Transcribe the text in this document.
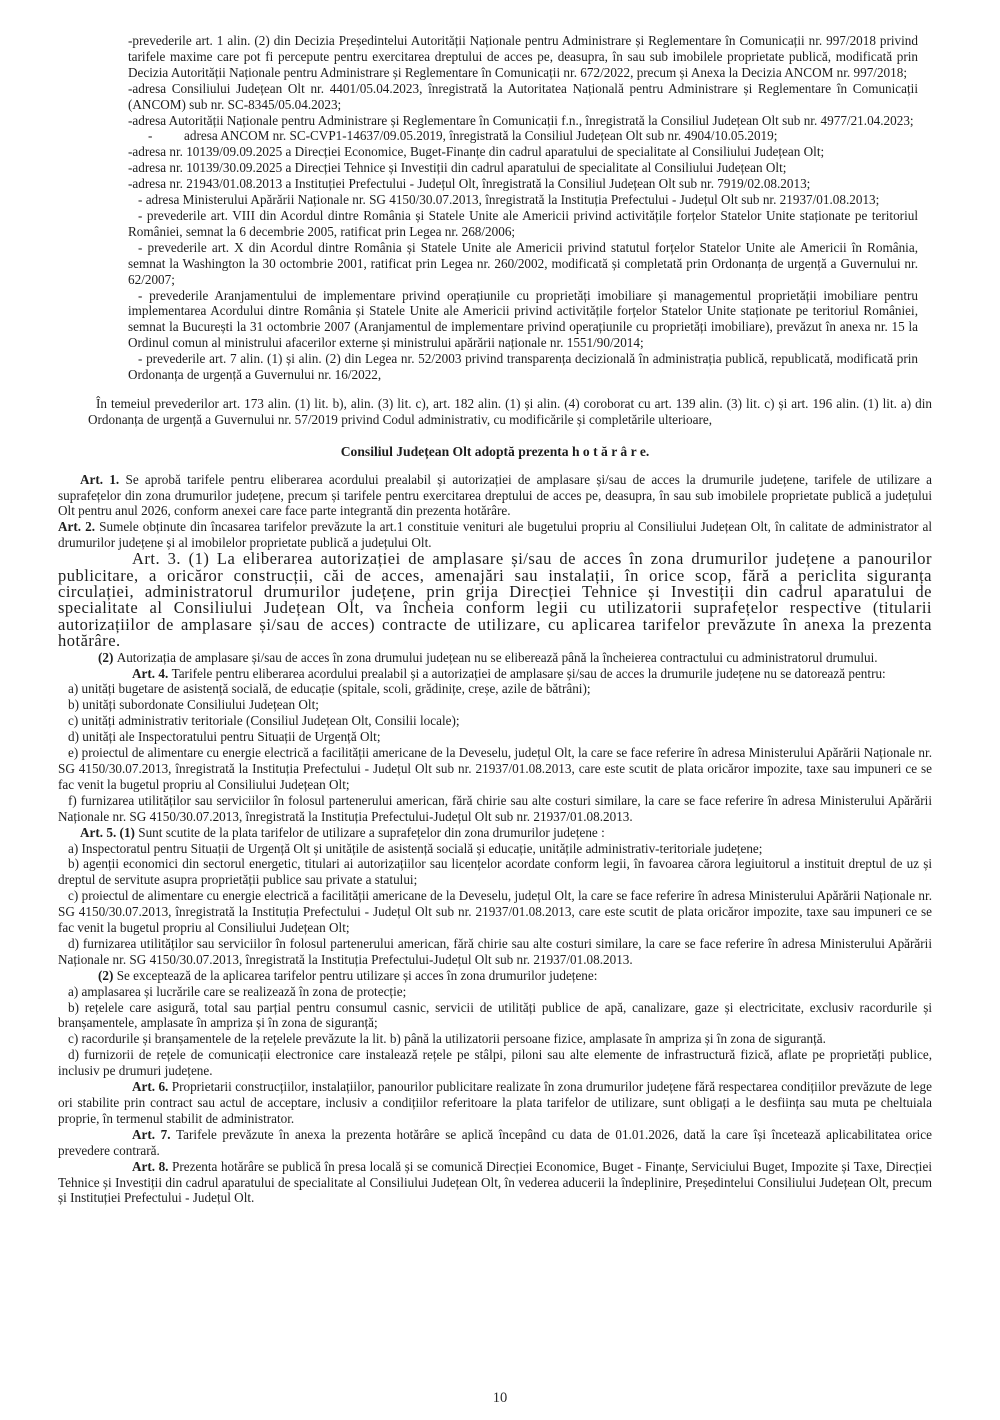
-prevederile art. 1 alin. (2) din Decizia Președintelui Autorității Naționale pentru Administrare și Reglementare în Comunicații nr. 997/2018 privind tarifele maxime care pot fi percepute pentru exercitarea dreptului de acces pe, deasupra, în sau sub imobilele proprietate publică, modificată prin Decizia Autorității Naționale pentru Administrare și Reglementare în Comunicații nr. 672/2022, precum și Anexa la Decizia ANCOM nr. 997/2018;

-adresa Consiliului Județean Olt nr. 4401/05.04.2023, înregistrată la Autoritatea Națională pentru Administrare și Reglementare în Comunicații (ANCOM) sub nr. SC-8345/05.04.2023;

-adresa Autorității Naționale pentru Administrare și Reglementare în Comunicații f.n., înregistrată la Consiliul Județean Olt sub nr. 4977/21.04.2023;

- adresa ANCOM nr. SC-CVP1-14637/09.05.2019, înregistrată la Consiliul Județean Olt sub nr. 4904/10.05.2019;

-adresa nr. 10139/09.09.2025 a Direcției Economice, Buget-Finanțe din cadrul aparatului de specialitate al Consiliului Județean Olt;

-adresa nr. 10139/30.09.2025 a Direcției Tehnice și Investiții din cadrul aparatului de specialitate al Consiliului Județean Olt;

-adresa nr. 21943/01.08.2013 a Instituției Prefectului - Județul Olt, înregistrată la Consiliul Județean Olt sub nr. 7919/02.08.2013;

- adresa Ministerului Apărării Naționale nr. SG 4150/30.07.2013, înregistrată la Instituția Prefectului - Județul Olt sub nr. 21937/01.08.2013;

- prevederile art. VIII din Acordul dintre România și Statele Unite ale Americii privind activitățile forțelor Statelor Unite staționate pe teritoriul României, semnat la 6 decembrie 2005, ratificat prin Legea nr. 268/2006;

- prevederile art. X din Acordul dintre România și Statele Unite ale Americii privind statutul forțelor Statelor Unite ale Americii în România, semnat la Washington la 30 octombrie 2001, ratificat prin Legea nr. 260/2002, modificată și completată prin Ordonanța de urgență a Guvernului nr. 62/2007;

- prevederile Aranjamentului de implementare privind operațiunile cu proprietăți imobiliare și managementul proprietății imobiliare pentru implementarea Acordului dintre România și Statele Unite ale Americii privind activitățile forțelor Statelor Unite staționate pe teritoriul României, semnat la București la 31 octombrie 2007 (Aranjamentul de implementare privind operațiunile cu proprietăți imobiliare), prevăzut în anexa nr. 15 la Ordinul comun al ministrului afacerilor externe și ministrului apărării naționale nr. 1551/90/2014;

- prevederile art. 7 alin. (1) și alin. (2) din Legea nr. 52/2003 privind transparența decizională în administrația publică, republicată, modificată prin Ordonanța de urgență a Guvernului nr. 16/2022,

În temeiul prevederilor art. 173 alin. (1) lit. b), alin. (3) lit. c), art. 182 alin. (1) și alin. (4) coroborat cu art. 139 alin. (3) lit. c) și art. 196 alin. (1) lit. a) din Ordonanța de urgență a Guvernului nr. 57/2019 privind Codul administrativ, cu modificările și completările ulterioare,

Consiliul Județean Olt adoptă prezenta h o t ă r â r e.

Art. 1. Se aprobă tarifele pentru eliberarea acordului prealabil și autorizației de amplasare și/sau de acces la drumurile județene, tarifele de utilizare a suprafețelor din zona drumurilor județene, precum și tarifele pentru exercitarea dreptului de acces pe, deasupra, în sau sub imobilele proprietate publică a județului Olt pentru anul 2026, conform anexei care face parte integrantă din prezenta hotărâre.

Art. 2. Sumele obținute din încasarea tarifelor prevăzute la art.1 constituie venituri ale bugetului propriu al Consiliului Județean Olt, în calitate de administrator al drumurilor județene și al imobilelor proprietate publică a județului Olt.

Art. 3. (1) La eliberarea autorizației de amplasare și/sau de acces în zona drumurilor județene a panourilor publicitare, a oricăror construcții, căi de acces, amenajări sau instalații, în orice scop, fără a periclita siguranța circulației, administratorul drumurilor județene, prin grija Direcției Tehnice și Investiții din cadrul aparatului de specialitate al Consiliului Județean Olt, va încheia conform legii cu utilizatorii suprafețelor respective (titularii autorizațiilor de amplasare și/sau de acces) contracte de utilizare, cu aplicarea tarifelor prevăzute în anexa la prezenta hotărâre.

(2) Autorizația de amplasare și/sau de acces în zona drumului județean nu se eliberează până la încheierea contractului cu administratorul drumului.

Art. 4. Tarifele pentru eliberarea acordului prealabil și a autorizației de amplasare și/sau de acces la drumurile județene nu se datorează pentru:

a) unități bugetare de asistență socială, de educație (spitale, scoli, grădinițe, creșe, azile de bătrâni);

b) unități subordonate Consiliului Județean Olt;

c) unități administrativ teritoriale (Consiliul Județean Olt, Consilii locale);

d) unități ale Inspectoratului pentru Situații de Urgență Olt;

e) proiectul de alimentare cu energie electrică a facilității americane de la Deveselu, județul Olt, la care se face referire în adresa Ministerului Apărării Naționale nr. SG 4150/30.07.2013, înregistrată la Instituția Prefectului - Județul Olt sub nr. 21937/01.08.2013, care este scutit de plata oricăror impozite, taxe sau impuneri ce se fac venit la bugetul propriu al Consiliului Județean Olt;

f) furnizarea utilităților sau serviciilor în folosul partenerului american, fără chirie sau alte costuri similare, la care se face referire în adresa Ministerului Apărării Naționale nr. SG 4150/30.07.2013, înregistrată la Instituția Prefectului-Județul Olt sub nr. 21937/01.08.2013.

Art. 5. (1) Sunt scutite de la plata tarifelor de utilizare a suprafețelor din zona drumurilor județene :

a) Inspectoratul pentru Situații de Urgență Olt și unitățile de asistență socială și educație, unitățile administrativ-teritoriale județene;

b) agenții economici din sectorul energetic, titulari ai autorizațiilor sau licențelor acordate conform legii, în favoarea cărora legiuitorul a instituit dreptul de uz și dreptul de servitute asupra proprietății publice sau private a statului;

c) proiectul de alimentare cu energie electrică a facilității americane de la Deveselu, județul Olt, la care se face referire în adresa Ministerului Apărării Naționale nr. SG 4150/30.07.2013, înregistrată la Instituția Prefectului - Județul Olt sub nr. 21937/01.08.2013, care este scutit de plata oricăror impozite, taxe sau impuneri ce se fac venit la bugetul propriu al Consiliului Județean Olt;

d) furnizarea utilităților sau serviciilor în folosul partenerului american, fără chirie sau alte costuri similare, la care se face referire în adresa Ministerului Apărării Naționale nr. SG 4150/30.07.2013, înregistrată la Instituția Prefectului-Județul Olt sub nr. 21937/01.08.2013.

(2) Se exceptează de la aplicarea tarifelor pentru utilizare și acces în zona drumurilor județene:

a) amplasarea și lucrările care se realizează în zona de protecție;

b) rețelele care asigură, total sau parțial pentru consumul casnic, servicii de utilități publice de apă, canalizare, gaze și electricitate, exclusiv racordurile și branșamentele, amplasate în ampriza și în zona de siguranță;

c) racordurile și branșamentele de la rețelele prevăzute la lit. b) până la utilizatorii persoane fizice, amplasate în ampriza și în zona de siguranță.

d) furnizorii de rețele de comunicații electronice care instalează rețele pe stâlpi, piloni sau alte elemente de infrastructură fizică, aflate pe proprietăți publice, inclusiv pe drumuri județene.

Art. 6. Proprietarii construcțiilor, instalațiilor, panourilor publicitare realizate în zona drumurilor județene fără respectarea condițiilor prevăzute de lege ori stabilite prin contract sau actul de acceptare, inclusiv a condițiilor referitoare la plata tarifelor de utilizare, sunt obligați a le desființa sau muta pe cheltuiala proprie, în termenul stabilit de administrator.

Art. 7. Tarifele prevăzute în anexa la prezenta hotărâre se aplică începând cu data de 01.01.2026, dată la care își încetează aplicabilitatea orice prevedere contrară.

Art. 8. Prezenta hotărâre se publică în presa locală și se comunică Direcției Economice, Buget - Finanțe, Serviciului Buget, Impozite și Taxe, Direcției Tehnice și Investiții din cadrul aparatului de specialitate al Consiliului Județean Olt, în vederea aducerii la îndeplinire, Președintelui Consiliului Județean Olt, precum și Instituției Prefectului - Județul Olt.

10
